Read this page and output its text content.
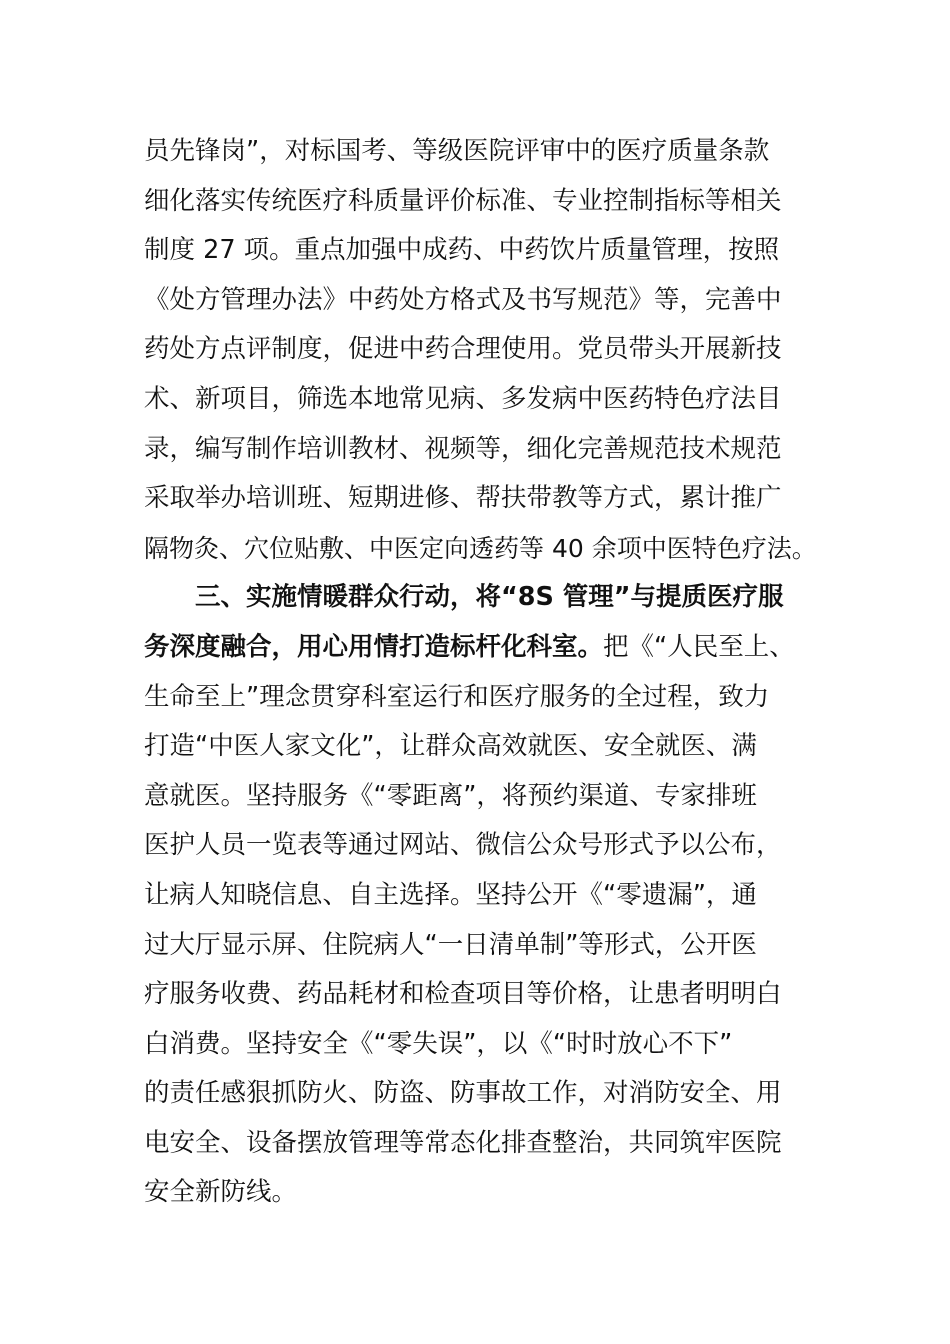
员先锋岗”，对标国考、等级医院评审中的医疗质量条款
细化落实传统医疗科质量评价标准、专业控制指标等相关
制度 27 项。重点加强中成药、中药饮片质量管理，按照
《处方管理办法》中药处方格式及书写规范》等，完善中
药处方点评制度，促进中药合理使用。党员带头开展新技
术、新项目，筛选本地常见病、多发病中医药特色疗法目
录，编写制作培训教材、视频等，细化完善规范技术规范
采取举办培训班、短期进修、帮扶带教等方式，累计推广
隔物灸、穴位贴敷、中医定向透药等 40 余项中医特色疗法。
　　三、实施情暖群众行动，将“8S 管理”与提质医疗服
务深度融合，用心用情打造标杆化科室。把《“人民至上、
生命至上”理念贯穿科室运行和医疗服务的全过程，致力
打造“中医人家文化”，让群众高效就医、安全就医、满
意就医。坚持服务《“零距离”，将预约渠道、专家排班
医护人员一览表等通过网站、微信公众号形式予以公布，
让病人知晓信息、自主选择。坚持公开《“零遗漏”，通
过大厅显示屏、住院病人“一日清单制”等形式，公开医
疗服务收费、药品耗材和检查项目等价格，让患者明明白
白消费。坚持安全《“零失误”，以《“时时放心不下”
的责任感狠抓防火、防盗、防事故工作，对消防安全、用
电安全、设备摆放管理等常态化排查整治，共同筑牢医院
安全新防线。
